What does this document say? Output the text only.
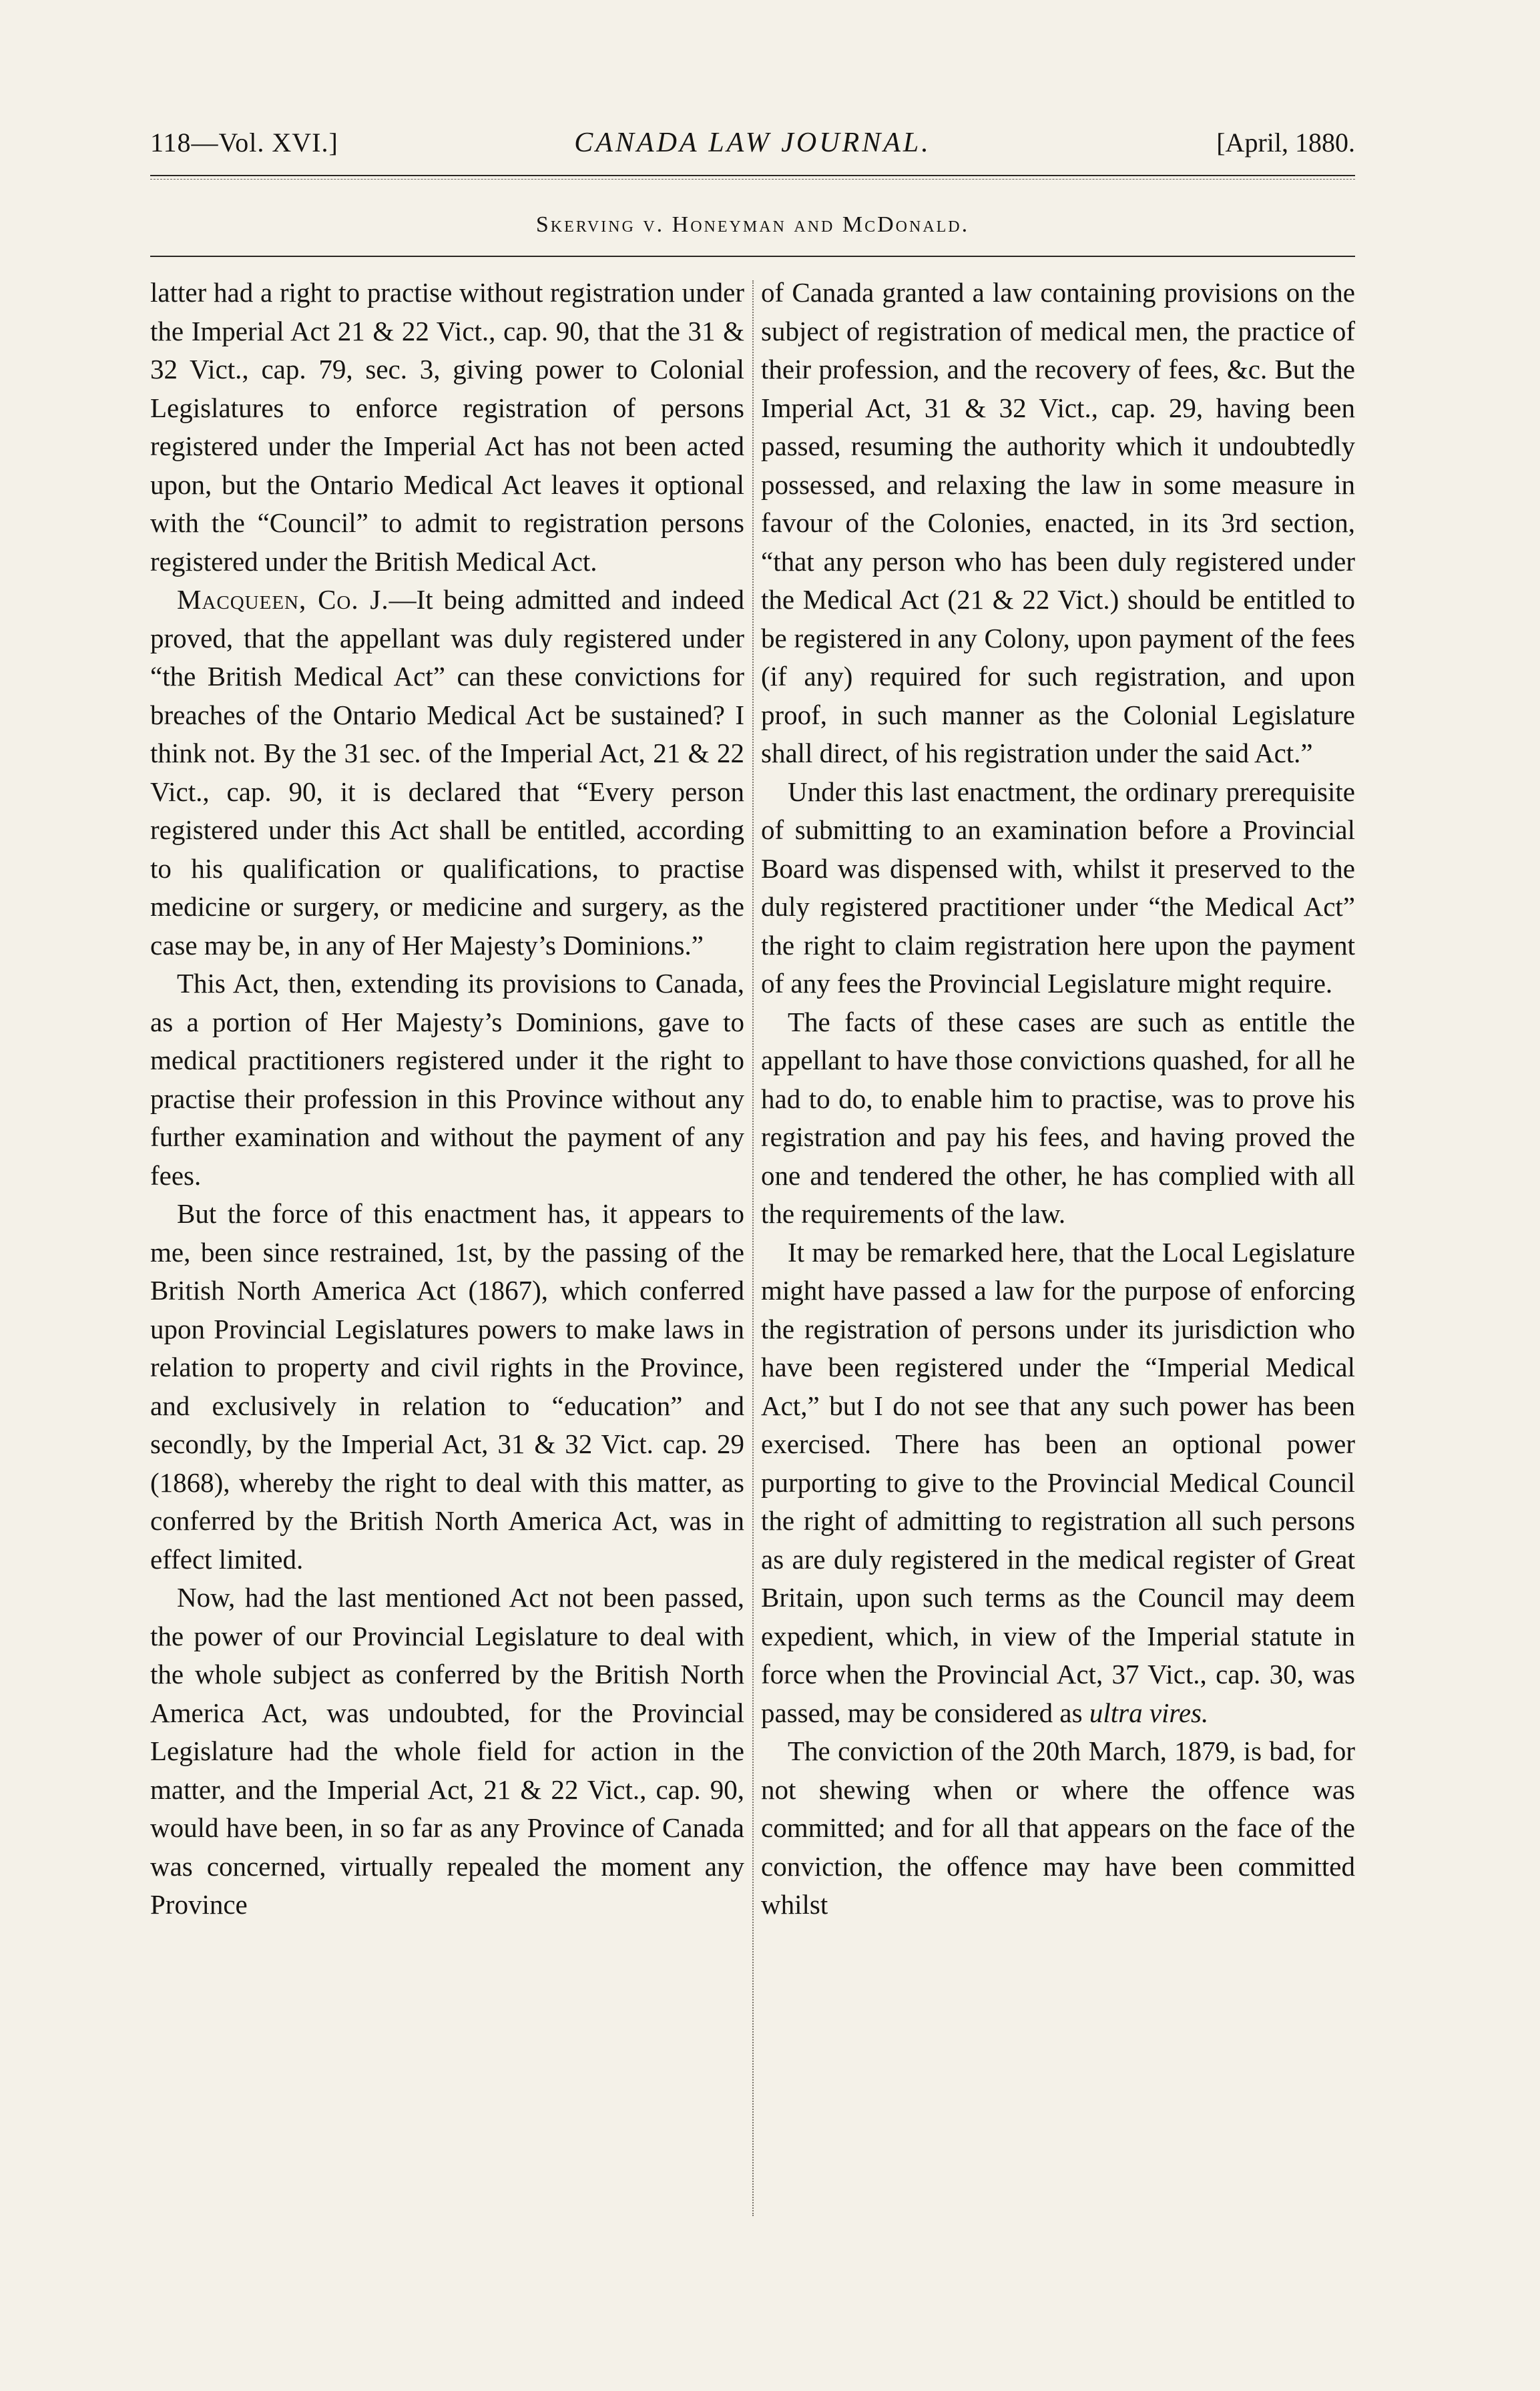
118—Vol. XVI.]	CANADA LAW JOURNAL.	[April, 1880.
Skerving v. Honeyman and McDonald.

latter had a right to practise without registration under the Imperial Act 21 & 22 Vict., cap. 90, that the 31 & 32 Vict., cap. 79, sec. 3, giving power to Colonial Legislatures to enforce registration of persons registered under the Imperial Act has not been acted upon, but the Ontario Medical Act leaves it optional with the “Council” to admit to registration persons registered under the British Medical Act.

Macqueen, Co. J.—It being admitted and indeed proved, that the appellant was duly registered under “the British Medical Act” can these convictions for breaches of the Ontario Medical Act be sustained? I think not. By the 31 sec. of the Imperial Act, 21 & 22 Vict., cap. 90, it is declared that “Every person registered under this Act shall be entitled, according to his qualification or qualifications, to practise medicine or surgery, or medicine and surgery, as the case may be, in any of Her Majesty’s Dominions.”

This Act, then, extending its provisions to Canada, as a portion of Her Majesty’s Dominions, gave to medical practitioners registered under it the right to practise their profession in this Province without any further examination and without the payment of any fees.

But the force of this enactment has, it appears to me, been since restrained, 1st, by the passing of the British North America Act (1867), which conferred upon Provincial Legislatures powers to make laws in relation to property and civil rights in the Province, and exclusively in relation to “education” and secondly, by the Imperial Act, 31 & 32 Vict. cap. 29 (1868), whereby the right to deal with this matter, as conferred by the British North America Act, was in effect limited.

Now, had the last mentioned Act not been passed, the power of our Provincial Legislature to deal with the whole subject as conferred by the British North America Act, was undoubted, for the Provincial Legislature had the whole field for action in the matter, and the Imperial Act, 21 & 22 Vict., cap. 90, would have been, in so far as any Province of Canada was concerned, virtually repealed the moment any Province

of Canada granted a law containing provisions on the subject of registration of medical men, the practice of their profession, and the recovery of fees, &c. But the Imperial Act, 31 & 32 Vict., cap. 29, having been passed, resuming the authority which it undoubtedly possessed, and relaxing the law in some measure in favour of the Colonies, enacted, in its 3rd section, “that any person who has been duly registered under the Medical Act (21 & 22 Vict.) should be entitled to be registered in any Colony, upon payment of the fees (if any) required for such registration, and upon proof, in such manner as the Colonial Legislature shall direct, of his registration under the said Act.”

Under this last enactment, the ordinary prerequisite of submitting to an examination before a Provincial Board was dispensed with, whilst it preserved to the duly registered practitioner under “the Medical Act” the right to claim registration here upon the payment of any fees the Provincial Legislature might require.

The facts of these cases are such as entitle the appellant to have those convictions quashed, for all he had to do, to enable him to practise, was to prove his registration and pay his fees, and having proved the one and tendered the other, he has complied with all the requirements of the law.

It may be remarked here, that the Local Legislature might have passed a law for the purpose of enforcing the registration of persons under its jurisdiction who have been registered under the “Imperial Medical Act,” but I do not see that any such power has been exercised. There has been an optional power purporting to give to the Provincial Medical Council the right of admitting to registration all such persons as are duly registered in the medical register of Great Britain, upon such terms as the Council may deem expedient, which, in view of the Imperial statute in force when the Provincial Act, 37 Vict., cap. 30, was passed, may be considered as ultra vires.

The conviction of the 20th March, 1879, is bad, for not shewing when or where the offence was committed; and for all that appears on the face of the conviction, the offence may have been committed whilst
